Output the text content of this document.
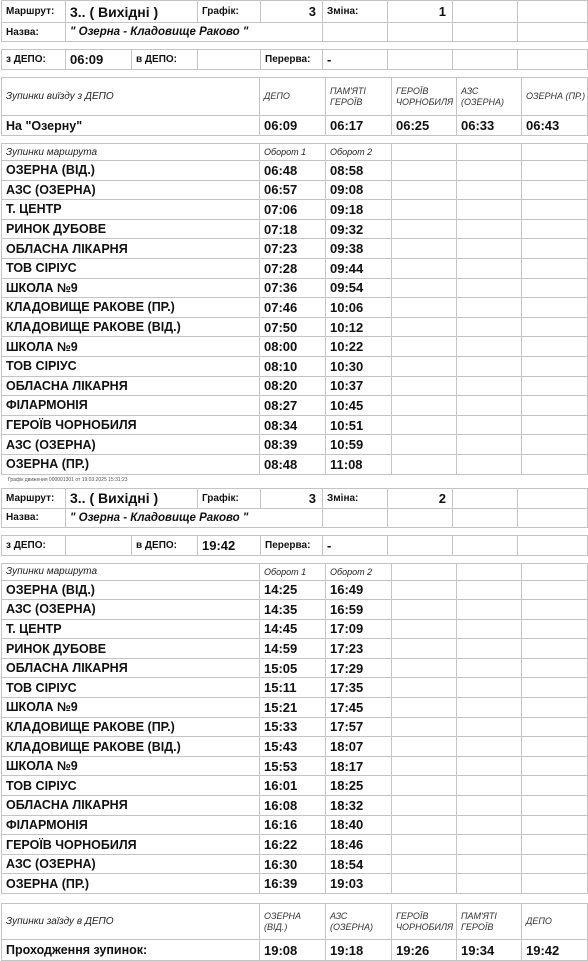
Маршрут:	3.. ( Вихідні )	Графік:	3	Зміна:	1		
Назва:	" Озерна - Кладовище Раково "						
з ДЕПО:	06:09	в ДЕПО:		Перерва:	-			
Зупинки виїзду з ДЕПО	ДЕПО	ПАМ'ЯТІ ГЕРОЇВ	ГЕРОЇВ ЧОРНОБИЛЯ	АЗС (ОЗЕРНА)	ОЗЕРНА (ПР.)
На "Озерну"	06:09	06:17	06:25	06:33	06:43
Зупинки маршрута	Оборот 1	Оборот 2			
ОЗЕРНА (ВІД.)	06:48	08:58			
АЗС (ОЗЕРНА)	06:57	09:08			
Т. ЦЕНТР	07:06	09:18			
РИНОК ДУБОВЕ	07:18	09:32			
ОБЛАСНА ЛІКАРНЯ	07:23	09:38			
ТОВ СІРІУС	07:28	09:44			
ШКОЛА №9	07:36	09:54			
КЛАДОВИЩЕ РАКОВЕ (ПР.)	07:46	10:06			
КЛАДОВИЩЕ РАКОВЕ (ВІД.)	07:50	10:12			
ШКОЛА №9	08:00	10:22			
ТОВ СІРІУС	08:10	10:30			
ОБЛАСНА ЛІКАРНЯ	08:20	10:37			
ФІЛАРМОНІЯ	08:27	10:45			
ГЕРОЇВ ЧОРНОБИЛЯ	08:34	10:51			
АЗС (ОЗЕРНА)	08:39	10:59			
ОЗЕРНА (ПР.)	08:48	11:08			
Графік движения 000001301 от 19.03.2025 15:31:23
Маршрут:	3.. ( Вихідні )	Графік:	3	Зміна:	2		
Назва:	" Озерна - Кладовище Раково "						
з ДЕПО:		в ДЕПО:	19:42	Перерва:	-			
Зупинки маршрута	Оборот 1	Оборот 2			
ОЗЕРНА (ВІД.)	14:25	16:49			
АЗС (ОЗЕРНА)	14:35	16:59			
Т. ЦЕНТР	14:45	17:09			
РИНОК ДУБОВЕ	14:59	17:23			
ОБЛАСНА ЛІКАРНЯ	15:05	17:29			
ТОВ СІРІУС	15:11	17:35			
ШКОЛА №9	15:21	17:45			
КЛАДОВИЩЕ РАКОВЕ (ПР.)	15:33	17:57			
КЛАДОВИЩЕ РАКОВЕ (ВІД.)	15:43	18:07			
ШКОЛА №9	15:53	18:17			
ТОВ СІРІУС	16:01	18:25			
ОБЛАСНА ЛІКАРНЯ	16:08	18:32			
ФІЛАРМОНІЯ	16:16	18:40			
ГЕРОЇВ ЧОРНОБИЛЯ	16:22	18:46			
АЗС (ОЗЕРНА)	16:30	18:54			
ОЗЕРНА (ПР.)	16:39	19:03			
Зупинки заїзду в ДЕПО	ОЗЕРНА (ВІД.)	АЗС (ОЗЕРНА)	ГЕРОЇВ ЧОРНОБИЛЯ	ПАМ'ЯТІ ГЕРОЇВ	ДЕПО
Проходження зупинок:	19:08	19:18	19:26	19:34	19:42
